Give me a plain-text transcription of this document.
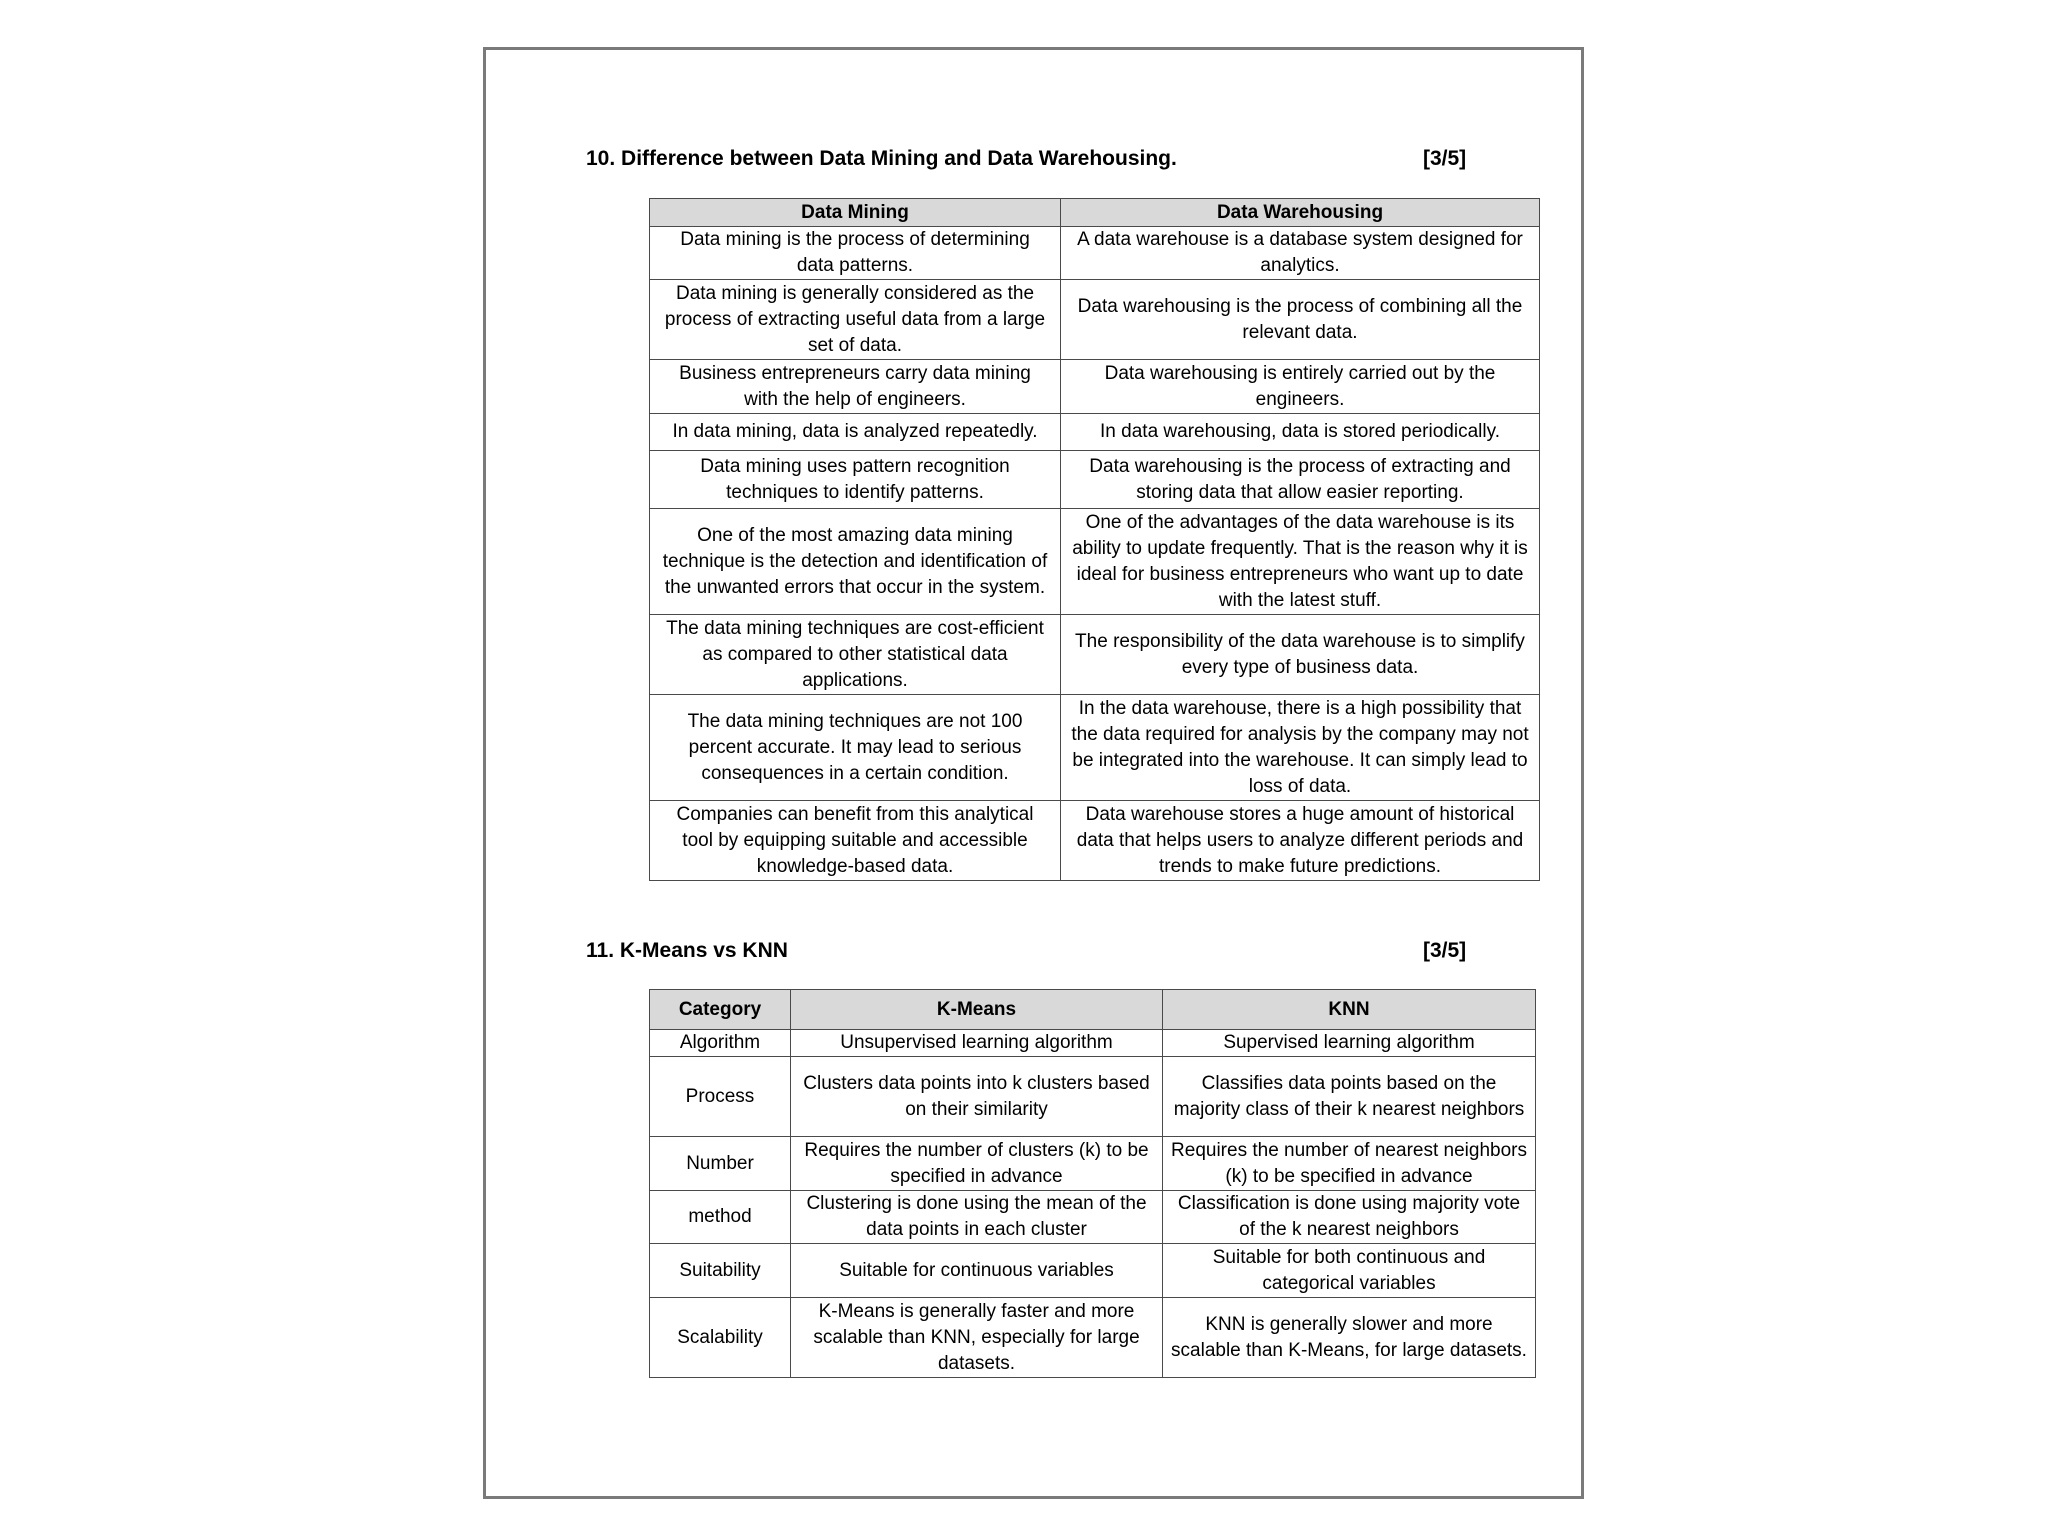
10. Difference between Data Mining and Data Warehousing.	[3/5]
Data Mining	Data Warehousing
Data mining is the process of determining data patterns.	A data warehouse is a database system designed for analytics.
Data mining is generally considered as the process of extracting useful data from a large set of data.	Data warehousing is the process of combining all the relevant data.
Business entrepreneurs carry data mining with the help of engineers.	Data warehousing is entirely carried out by the engineers.
In data mining, data is analyzed repeatedly.	In data warehousing, data is stored periodically.
Data mining uses pattern recognition techniques to identify patterns.	Data warehousing is the process of extracting and storing data that allow easier reporting.
One of the most amazing data mining technique is the detection and identification of the unwanted errors that occur in the system.	One of the advantages of the data warehouse is its ability to update frequently. That is the reason why it is ideal for business entrepreneurs who want up to date with the latest stuff.
The data mining techniques are cost-efficient as compared to other statistical data applications.	The responsibility of the data warehouse is to simplify every type of business data.
The data mining techniques are not 100 percent accurate. It may lead to serious consequences in a certain condition.	In the data warehouse, there is a high possibility that the data required for analysis by the company may not be integrated into the warehouse. It can simply lead to loss of data.
Companies can benefit from this analytical tool by equipping suitable and accessible knowledge-based data.	Data warehouse stores a huge amount of historical data that helps users to analyze different periods and trends to make future predictions.
11. K-Means vs KNN	[3/5]
Category	K-Means	KNN
Algorithm	Unsupervised learning algorithm	Supervised learning algorithm
Process	Clusters data points into k clusters based on their similarity	Classifies data points based on the majority class of their k nearest neighbors
Number	Requires the number of clusters (k) to be specified in advance	Requires the number of nearest neighbors (k) to be specified in advance
method	Clustering is done using the mean of the data points in each cluster	Classification is done using majority vote of the k nearest neighbors
Suitability	Suitable for continuous variables	Suitable for both continuous and categorical variables
Scalability	K-Means is generally faster and more scalable than KNN, especially for large datasets.	KNN is generally slower and more scalable than K-Means, for large datasets.
